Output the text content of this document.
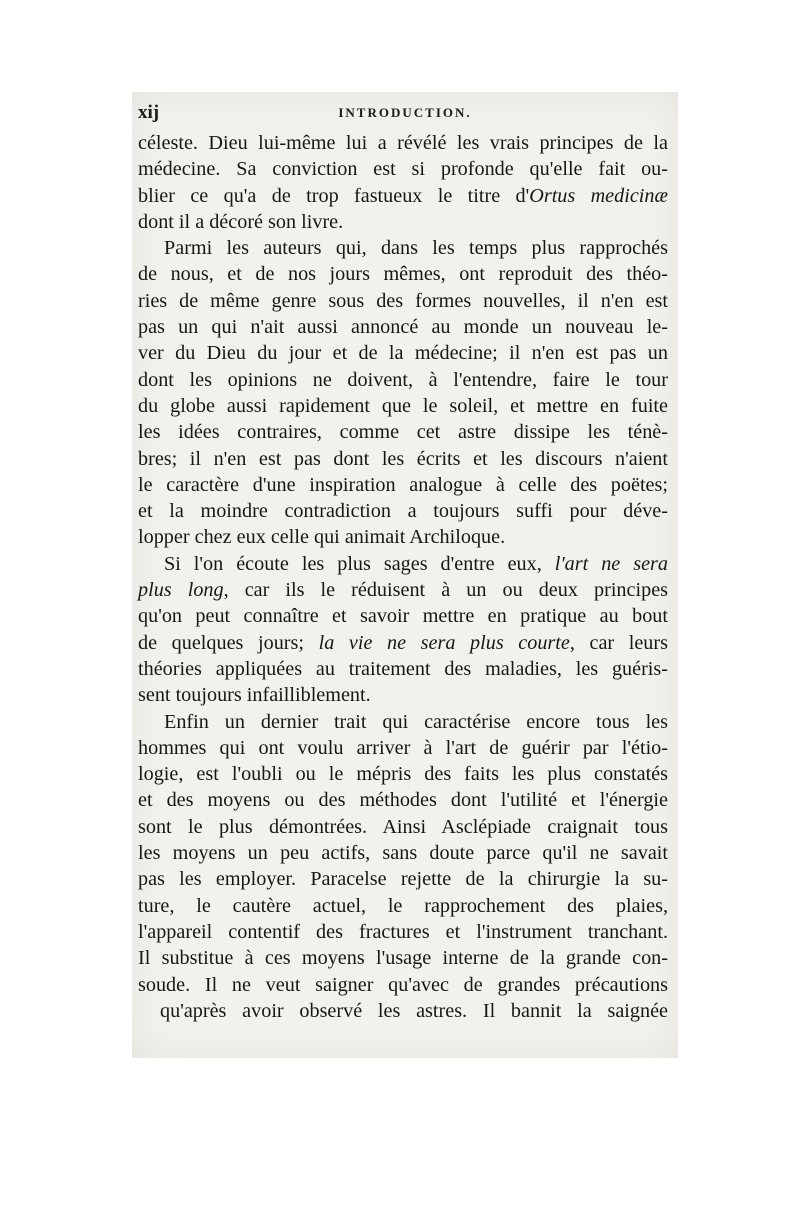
xij	INTRODUCTION.
céleste. Dieu lui-même lui a révélé les vrais principes de la
médecine. Sa conviction est si profonde qu'elle fait ou-
blier ce qu'a de trop fastueux le titre d'Ortus medicinæ
dont il a décoré son livre.
Parmi les auteurs qui, dans les temps plus rapprochés
de nous, et de nos jours mêmes, ont reproduit des théo-
ries de même genre sous des formes nouvelles, il n'en est
pas un qui n'ait aussi annoncé au monde un nouveau le-
ver du Dieu du jour et de la médecine; il n'en est pas un
dont les opinions ne doivent, à l'entendre, faire le tour
du globe aussi rapidement que le soleil, et mettre en fuite
les idées contraires, comme cet astre dissipe les ténè-
bres; il n'en est pas dont les écrits et les discours n'aient
le caractère d'une inspiration analogue à celle des poëtes;
et la moindre contradiction a toujours suffi pour déve-
lopper chez eux celle qui animait Archiloque.
Si l'on écoute les plus sages d'entre eux, l'art ne sera
plus long, car ils le réduisent à un ou deux principes
qu'on peut connaître et savoir mettre en pratique au bout
de quelques jours; la vie ne sera plus courte, car leurs
théories appliquées au traitement des maladies, les guéris-
sent toujours infailliblement.
Enfin un dernier trait qui caractérise encore tous les
hommes qui ont voulu arriver à l'art de guérir par l'étio-
logie, est l'oubli ou le mépris des faits les plus constatés
et des moyens ou des méthodes dont l'utilité et l'énergie
sont le plus démontrées. Ainsi Asclépiade craignait tous
les moyens un peu actifs, sans doute parce qu'il ne savait
pas les employer. Paracelse rejette de la chirurgie la su-
ture, le cautère actuel, le rapprochement des plaies,
l'appareil contentif des fractures et l'instrument tranchant.
Il substitue à ces moyens l'usage interne de la grande con-
soude. Il ne veut saigner qu'avec de grandes précautions
qu'après avoir observé les astres. Il bannit la saignée
